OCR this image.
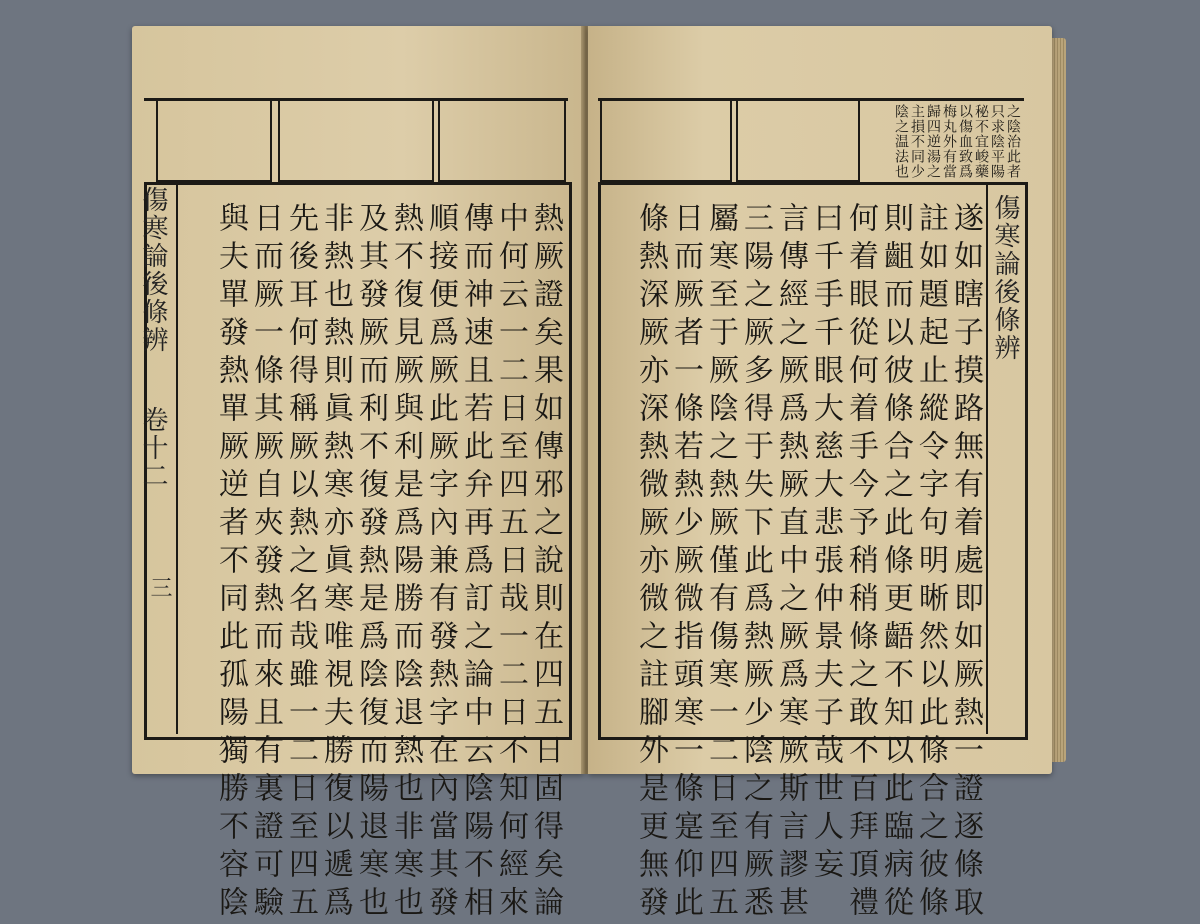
傷寒論後條辨
卷十二
三	熱厥證矣果如傳邪之說則在四五日固得矣論
中何云一二日至四五日哉一二日不知何經來
傳而神速且若此弁再爲訂之論中云陰陽不相
順接便爲厥此厥字內兼有發熱字在內當其發
熱不復見厥與利是爲陽勝而陰退熱也非寒也
及其發厥而利不復發熱是爲陰復而陽退寒也
非熱也熱則眞熱寒亦眞寒唯視夫勝復以遞爲
先後耳何得稱厥以熱之名哉雖一二日至四五
日而厥一條其厥自夾發熱而來且有裏證可驗
與夫單發熱單厥逆者不同此孤陽獨勝不容陰
之陰治此者
只求陰平陽
秘不宜峻藥
以傷血致爲
梅丸外有當
歸四逆湯之
主損不同少
陰之温法也
傷寒論後條辨
遂如瞎子摸路無有着處即如厥熱一證逐條取
註如題起止縱令字句明晰然以此條合之彼條
則齟而以彼條合之此條更齬不知以此臨病從
何着眼從何着手今予稍稍條之敢不百拜頂禮
曰千手千眼大慈大悲張仲景夫子哉世人妄
言傳經之厥爲熱厥直中之厥爲寒厥斯言謬甚
三陽之厥多得于失下此爲熱厥少陰之有厥悉
屬寒至于厥陰之熱厥僅有傷寒一二日至四五
日而厥者一條若熱少厥微指頭寒一條寔仰此
條熱深厥亦深熱微厥亦微之註腳外是更無發
